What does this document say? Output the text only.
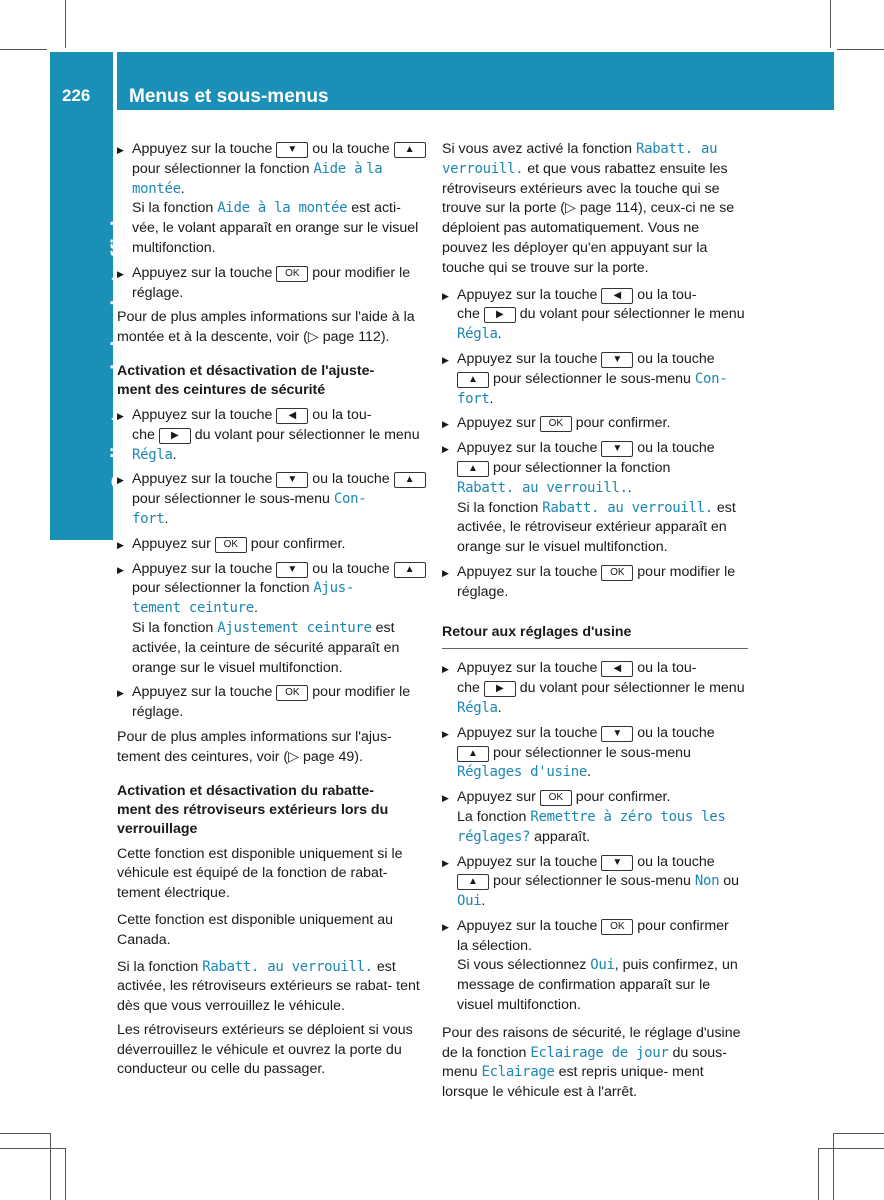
226 Menus et sous-menus
Ordinateur de bord et affichages
▶ Appuyez sur la touche ▼ ou la touche ▲ pour sélectionner la fonction Aide à la montée.
Si la fonction Aide à la montée est acti- vée, le volant apparaît en orange sur le visuel multifonction.
▶ Appuyez sur la touche OK pour modifier le réglage.

Pour de plus amples informations sur l'aide à la montée et à la descente, voir (▷ page 112).

Activation et désactivation de l'ajuste-
ment des ceintures de sécurité
▶ Appuyez sur la touche ◀ ou la tou-
che ▶ du volant pour sélectionner le menu Régla.
▶ Appuyez sur la touche ▼ ou la touche ▲ pour sélectionner le sous-menu Con-
fort.
▶ Appuyez sur OK pour confirmer.
▶ Appuyez sur la touche ▼ ou la touche ▲ pour sélectionner la fonction Ajus-
tement ceinture.
Si la fonction Ajustement ceinture est activée, la ceinture de sécurité apparaît en orange sur le visuel multifonction.
▶ Appuyez sur la touche OK pour modifier le réglage.

Pour de plus amples informations sur l'ajus- tement des ceintures, voir (▷ page 49).

Activation et désactivation du rabatte-
ment des rétroviseurs extérieurs lors du
verrouillage

Cette fonction est disponible uniquement si le véhicule est équipé de la fonction de rabat- tement électrique.

Cette fonction est disponible uniquement au Canada.

Si la fonction Rabatt. au verrouill. est activée, les rétroviseurs extérieurs se rabat- tent dès que vous verrouillez le véhicule.

Les rétroviseurs extérieurs se déploient si vous déverrouillez le véhicule et ouvrez la porte du conducteur ou celle du passager.

Si vous avez activé la fonction Rabatt. au
verrouill. et que vous rabattez ensuite les rétroviseurs extérieurs avec la touche qui se trouve sur la porte (▷ page 114), ceux-ci ne se déploient pas automatiquement. Vous ne pouvez les déployer qu'en appuyant sur la touche qui se trouve sur la porte.

▶ Appuyez sur la touche ◀ ou la tou-
che ▶ du volant pour sélectionner le menu Régla.
▶ Appuyez sur la touche ▼ ou la touche ▲ pour sélectionner le sous-menu Con-
fort.
▶ Appuyez sur OK pour confirmer.
▶ Appuyez sur la touche ▼ ou la touche ▲ pour sélectionner la fonction
Rabatt. au verrouill..
Si la fonction Rabatt. au verrouill. est activée, le rétroviseur extérieur apparaît en orange sur le visuel multifonction.
▶ Appuyez sur la touche OK pour modifier le réglage.
Retour aux réglages d'usine
▶ Appuyez sur la touche ◀ ou la tou-
che ▶ du volant pour sélectionner le menu Régla.
▶ Appuyez sur la touche ▼ ou la touche ▲ pour sélectionner le sous-menu
Réglages d'usine.
▶ Appuyez sur OK pour confirmer.
La fonction Remettre à zéro tous les
réglages? apparaît.
▶ Appuyez sur la touche ▼ ou la touche
▲ pour sélectionner le sous-menu Non ou Oui.
▶ Appuyez sur la touche OK pour confirmer
la sélection.
Si vous sélectionnez Oui, puis confirmez, un message de confirmation apparaît sur le visuel multifonction.

Pour des raisons de sécurité, le réglage d'usine de la fonction Eclairage de jour du sous-menu Eclairage est repris unique- ment lorsque le véhicule est à l'arrêt.
